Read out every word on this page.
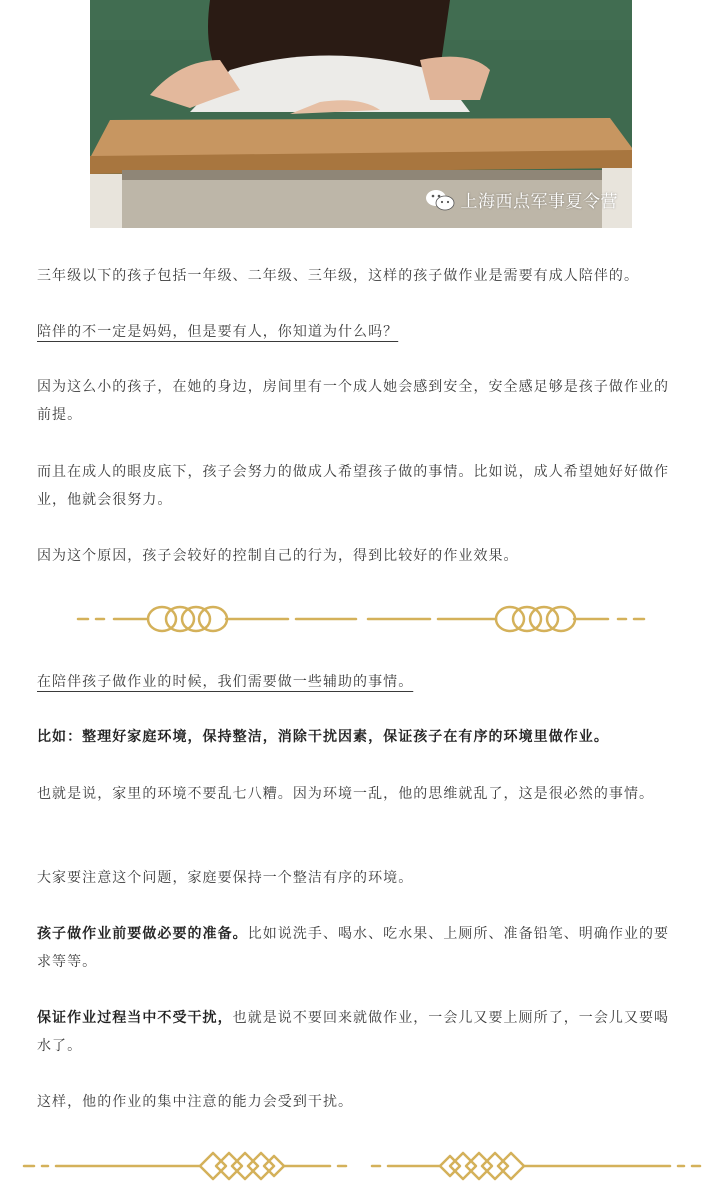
上海西点军事夏令营

三年级以下的孩子包括一年级、二年级、三年级，这样的孩子做作业是需要有成人陪伴的。

陪伴的不一定是妈妈，但是要有人，你知道为什么吗？

因为这么小的孩子，在她的身边，房间里有一个成人她会感到安全，安全感足够是孩子做作业的前提。

而且在成人的眼皮底下，孩子会努力的做成人希望孩子做的事情。比如说，成人希望她好好做作业，他就会很努力。

因为这个原因，孩子会较好的控制自己的行为，得到比较好的作业效果。

在陪伴孩子做作业的时候，我们需要做一些辅助的事情。

比如：整理好家庭环境，保持整洁，消除干扰因素，保证孩子在有序的环境里做作业。

也就是说，家里的环境不要乱七八糟。因为环境一乱，他的思维就乱了，这是很必然的事情。

大家要注意这个问题，家庭要保持一个整洁有序的环境。

孩子做作业前要做必要的准备。比如说洗手、喝水、吃水果、上厕所、准备铅笔、明确作业的要求等等。

保证作业过程当中不受干扰，也就是说不要回来就做作业，一会儿又要上厕所了，一会儿又要喝水了。

这样，他的作业的集中注意的能力会受到干扰。
